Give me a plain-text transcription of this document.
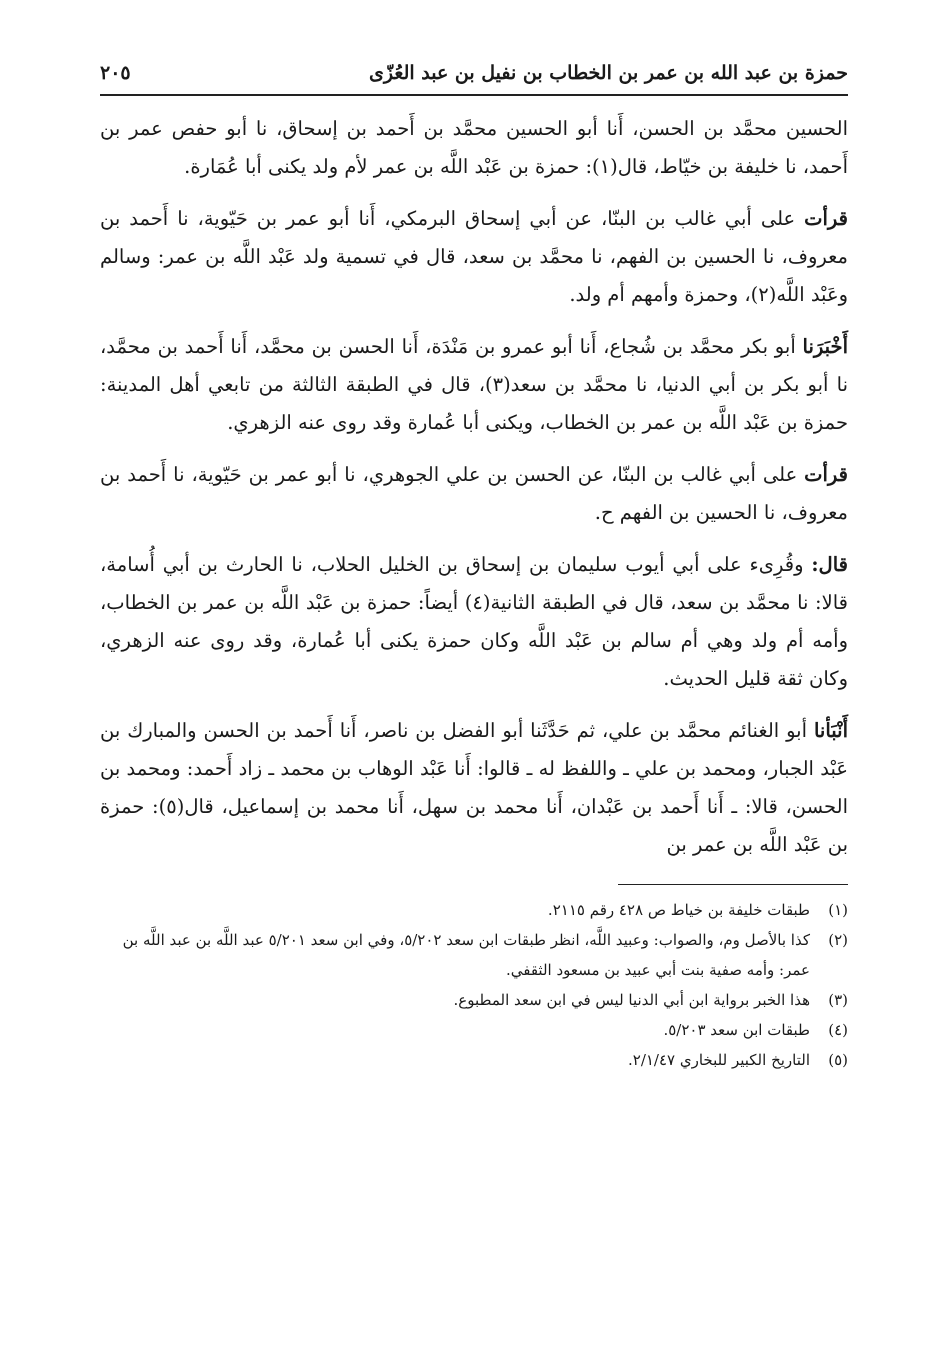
حمزة بن عبد الله بن عمر بن الخطاب بن نفيل بن عبد العُزّى
٢٠٥

الحسين محمَّد بن الحسن، أَنا أبو الحسين محمَّد بن أَحمد بن إسحاق، نا أبو حفص عمر بن أَحمد، نا خليفة بن خيّاط، قال(١): حمزة بن عَبْد اللَّه بن عمر لأم ولد يكنى أبا عُمَارة.

قرأت على أبي غالب بن البنّا، عن أبي إسحاق البرمكي، أَنا أبو عمر بن حَيّوية، نا أَحمد بن معروف، نا الحسين بن الفهم، نا محمَّد بن سعد، قال في تسمية ولد عَبْد اللَّه بن عمر: وسالم وعَبْد اللَّه(٢)، وحمزة وأمهم أم ولد.

أَخْبَرَنا أبو بكر محمَّد بن شُجاع، أَنا أبو عمرو بن مَنْدَة، أَنا الحسن بن محمَّد، أَنا أَحمد بن محمَّد، نا أبو بكر بن أبي الدنيا، نا محمَّد بن سعد(٣)، قال في الطبقة الثالثة من تابعي أهل المدينة: حمزة بن عَبْد اللَّه بن عمر بن الخطاب، ويكنى أبا عُمارة وقد روى عنه الزهري.

قرأت على أبي غالب بن البنّا، عن الحسن بن علي الجوهري، نا أبو عمر بن حَيّوية، نا أَحمد بن معروف، نا الحسين بن الفهم ح.

قال: وقُرِىء على أبي أيوب سليمان بن إسحاق بن الخليل الحلاب، نا الحارث بن أبي أُسامة، قالا: نا محمَّد بن سعد، قال في الطبقة الثانية(٤) أيضاً: حمزة بن عَبْد اللَّه بن عمر بن الخطاب، وأمه أم ولد وهي أم سالم بن عَبْد اللَّه وكان حمزة يكنى أبا عُمارة، وقد روى عنه الزهري، وكان ثقة قليل الحديث.

أَنْبَأنا أبو الغنائم محمَّد بن علي، ثم حَدَّثَنا أبو الفضل بن ناصر، أَنا أَحمد بن الحسن والمبارك بن عَبْد الجبار، ومحمد بن علي ـ واللفظ له ـ قالوا: أَنا عَبْد الوهاب بن محمد ـ زاد أَحمد: ومحمد بن الحسن، قالا: ـ أَنا أَحمد بن عَبْدان، أَنا محمد بن سهل، أَنا محمد بن إسماعيل، قال(٥): حمزة بن عَبْد اللَّه بن عمر بن

(١)
طبقات خليفة بن خياط ص ٤٢٨ رقم ٢١١٥.
(٢)
كذا بالأصل وم، والصواب: وعبيد اللَّه، انظر طبقات ابن سعد ٥/٢٠٢، وفي ابن سعد ٥/٢٠١ عبد اللَّه بن عبد اللَّه بن عمر: وأمه صفية بنت أبي عبيد بن مسعود الثقفي.
(٣)
هذا الخبر برواية ابن أبي الدنيا ليس في ابن سعد المطبوع.
(٤)
طبقات ابن سعد ٥/٢٠٣.
(٥)
التاريخ الكبير للبخاري ٢/١/٤٧.
